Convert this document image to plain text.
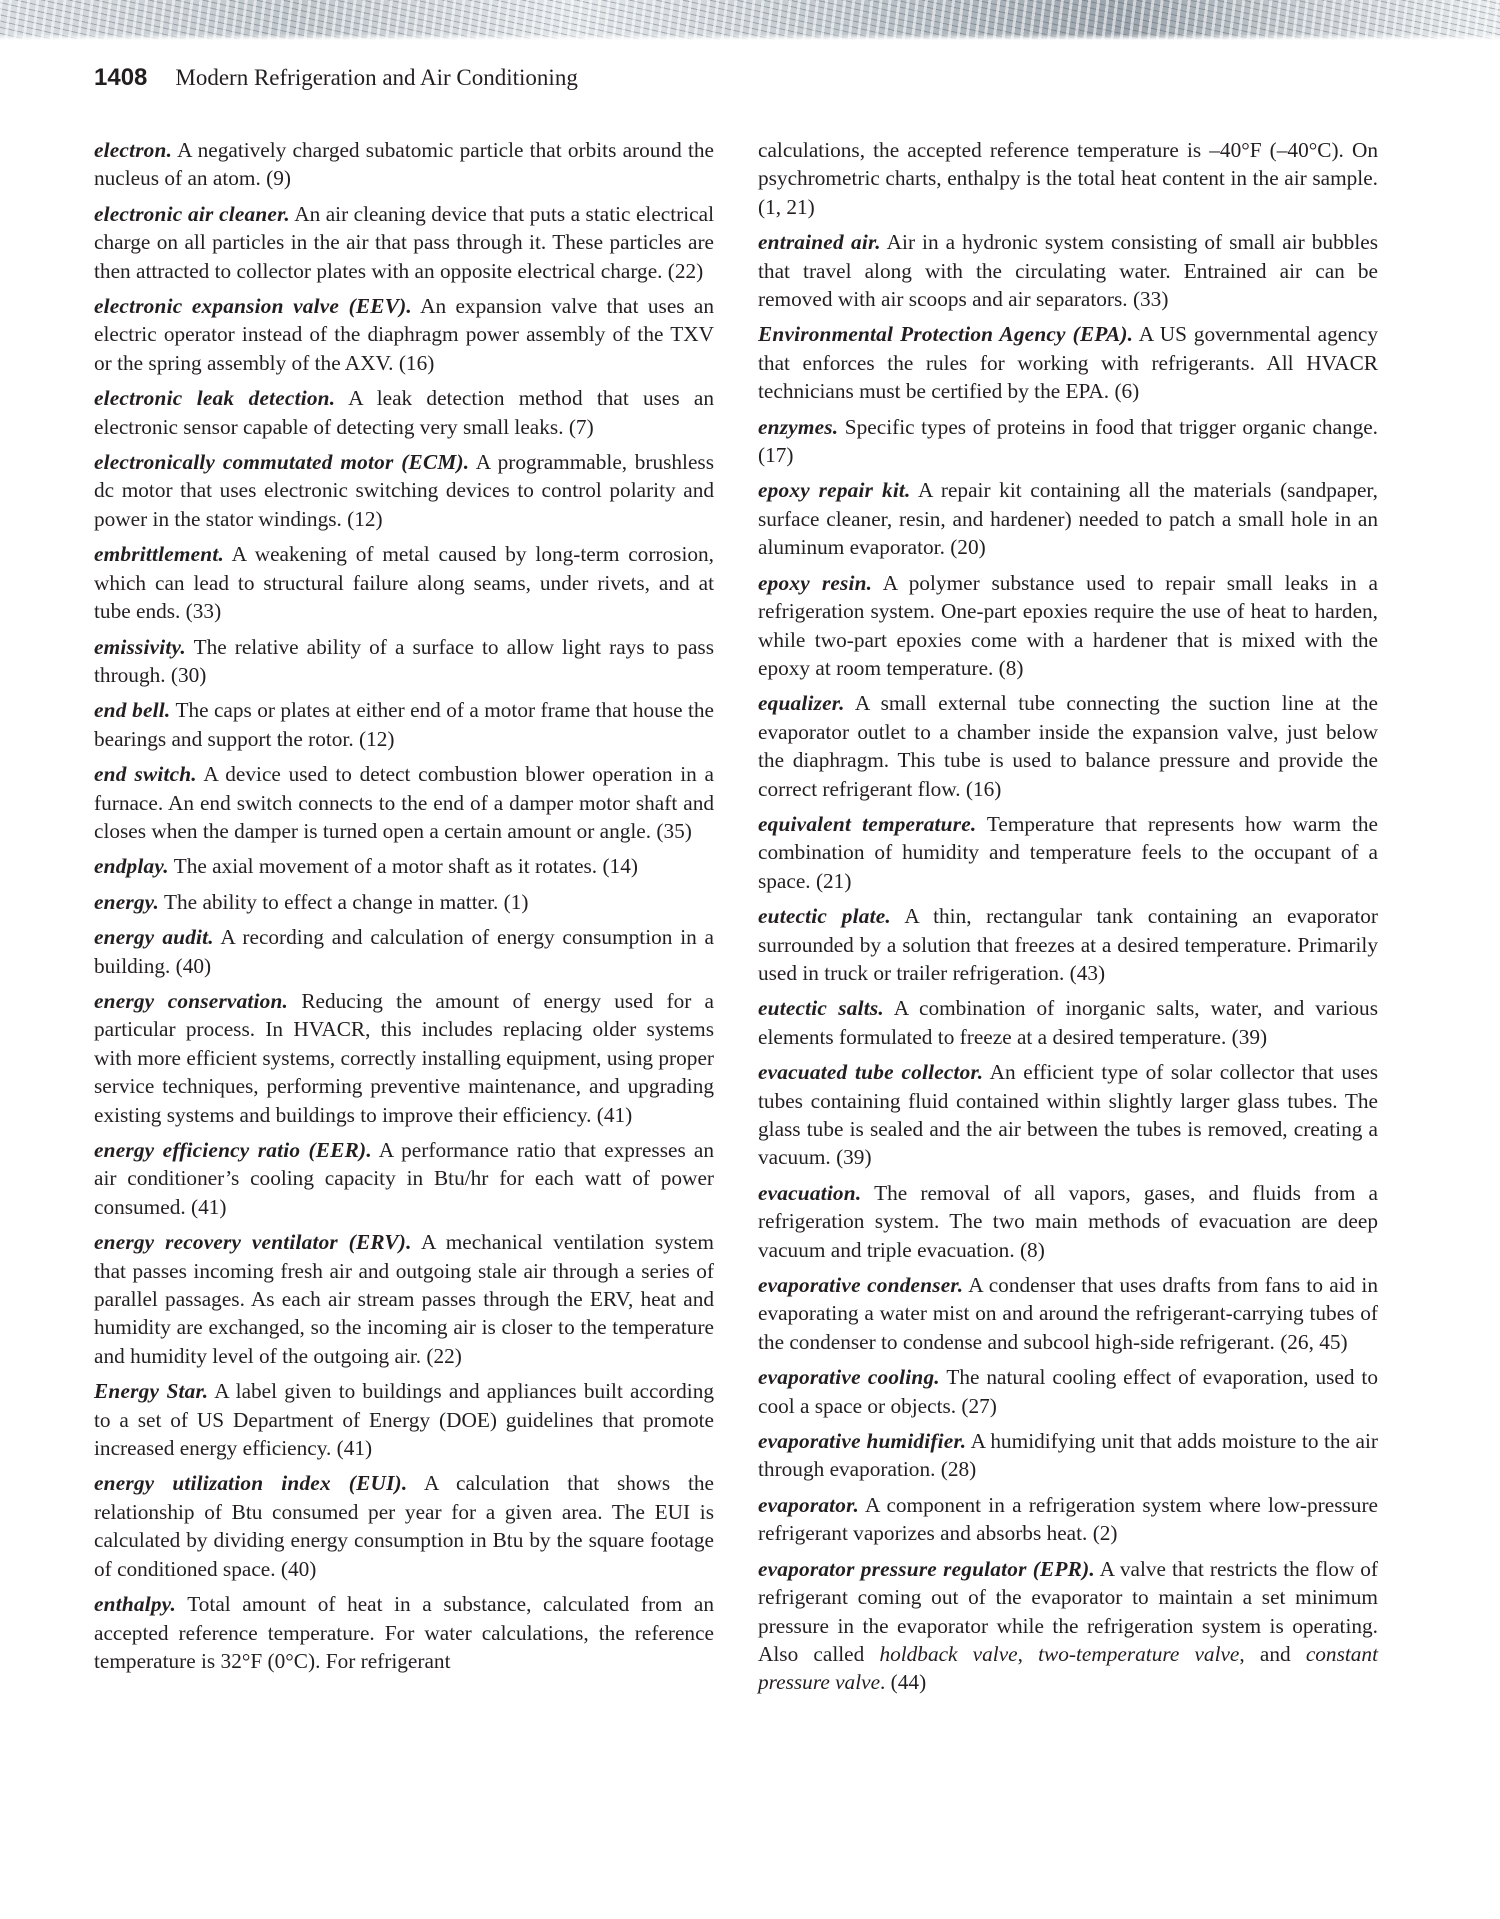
1408 Modern Refrigeration and Air Conditioning

electron. A negatively charged subatomic particle that orbits around the nucleus of an atom. (9)

electronic air cleaner. An air cleaning device that puts a static electrical charge on all particles in the air that pass through it. These particles are then attracted to collector plates with an opposite electrical charge. (22)

electronic expansion valve (EEV). An expansion valve that uses an electric operator instead of the diaphragm power assembly of the TXV or the spring assembly of the AXV. (16)

electronic leak detection. A leak detection method that uses an electronic sensor capable of detecting very small leaks. (7)

electronically commutated motor (ECM). A programmable, brushless dc motor that uses electronic switching devices to control polarity and power in the stator windings. (12)

embrittlement. A weakening of metal caused by long-term corrosion, which can lead to structural failure along seams, under rivets, and at tube ends. (33)

emissivity. The relative ability of a surface to allow light rays to pass through. (30)

end bell. The caps or plates at either end of a motor frame that house the bearings and support the rotor. (12)

end switch. A device used to detect combustion blower operation in a furnace. An end switch connects to the end of a damper motor shaft and closes when the damper is turned open a certain amount or angle. (35)

endplay. The axial movement of a motor shaft as it rotates. (14)

energy. The ability to effect a change in matter. (1)

energy audit. A recording and calculation of energy consumption in a building. (40)

energy conservation. Reducing the amount of energy used for a particular process. In HVACR, this includes replacing older systems with more efficient systems, correctly installing equipment, using proper service techniques, performing preventive maintenance, and upgrading existing systems and buildings to improve their efficiency. (41)

energy efficiency ratio (EER). A performance ratio that expresses an air conditioner’s cooling capacity in Btu/hr for each watt of power consumed. (41)

energy recovery ventilator (ERV). A mechanical ventilation system that passes incoming fresh air and outgoing stale air through a series of parallel passages. As each air stream passes through the ERV, heat and humidity are exchanged, so the incoming air is closer to the temperature and humidity level of the outgoing air. (22)

Energy Star. A label given to buildings and appliances built according to a set of US Department of Energy (DOE) guidelines that promote increased energy efficiency. (41)

energy utilization index (EUI). A calculation that shows the relationship of Btu consumed per year for a given area. The EUI is calculated by dividing energy consumption in Btu by the square footage of conditioned space. (40)

enthalpy. Total amount of heat in a substance, calculated from an accepted reference temperature. For water calculations, the reference temperature is 32°F (0°C). For refrigerant

calculations, the accepted reference temperature is –40°F (–40°C). On psychrometric charts, enthalpy is the total heat content in the air sample. (1, 21)

entrained air. Air in a hydronic system consisting of small air bubbles that travel along with the circulating water. Entrained air can be removed with air scoops and air separators. (33)

Environmental Protection Agency (EPA). A US governmental agency that enforces the rules for working with refrigerants. All HVACR technicians must be certified by the EPA. (6)

enzymes. Specific types of proteins in food that trigger organic change. (17)

epoxy repair kit. A repair kit containing all the materials (sandpaper, surface cleaner, resin, and hardener) needed to patch a small hole in an aluminum evaporator. (20)

epoxy resin. A polymer substance used to repair small leaks in a refrigeration system. One-part epoxies require the use of heat to harden, while two-part epoxies come with a hardener that is mixed with the epoxy at room temperature. (8)

equalizer. A small external tube connecting the suction line at the evaporator outlet to a chamber inside the expansion valve, just below the diaphragm. This tube is used to balance pressure and provide the correct refrigerant flow. (16)

equivalent temperature. Temperature that represents how warm the combination of humidity and temperature feels to the occupant of a space. (21)

eutectic plate. A thin, rectangular tank containing an evaporator surrounded by a solution that freezes at a desired temperature. Primarily used in truck or trailer refrigeration. (43)

eutectic salts. A combination of inorganic salts, water, and various elements formulated to freeze at a desired temperature. (39)

evacuated tube collector. An efficient type of solar collector that uses tubes containing fluid contained within slightly larger glass tubes. The glass tube is sealed and the air between the tubes is removed, creating a vacuum. (39)

evacuation. The removal of all vapors, gases, and fluids from a refrigeration system. The two main methods of evacuation are deep vacuum and triple evacuation. (8)

evaporative condenser. A condenser that uses drafts from fans to aid in evaporating a water mist on and around the refrigerant-carrying tubes of the condenser to condense and subcool high-side refrigerant. (26, 45)

evaporative cooling. The natural cooling effect of evaporation, used to cool a space or objects. (27)

evaporative humidifier. A humidifying unit that adds moisture to the air through evaporation. (28)

evaporator. A component in a refrigeration system where low-pressure refrigerant vaporizes and absorbs heat. (2)

evaporator pressure regulator (EPR). A valve that restricts the flow of refrigerant coming out of the evaporator to maintain a set minimum pressure in the evaporator while the refrigeration system is operating. Also called holdback valve, two-temperature valve, and constant pressure valve. (44)
